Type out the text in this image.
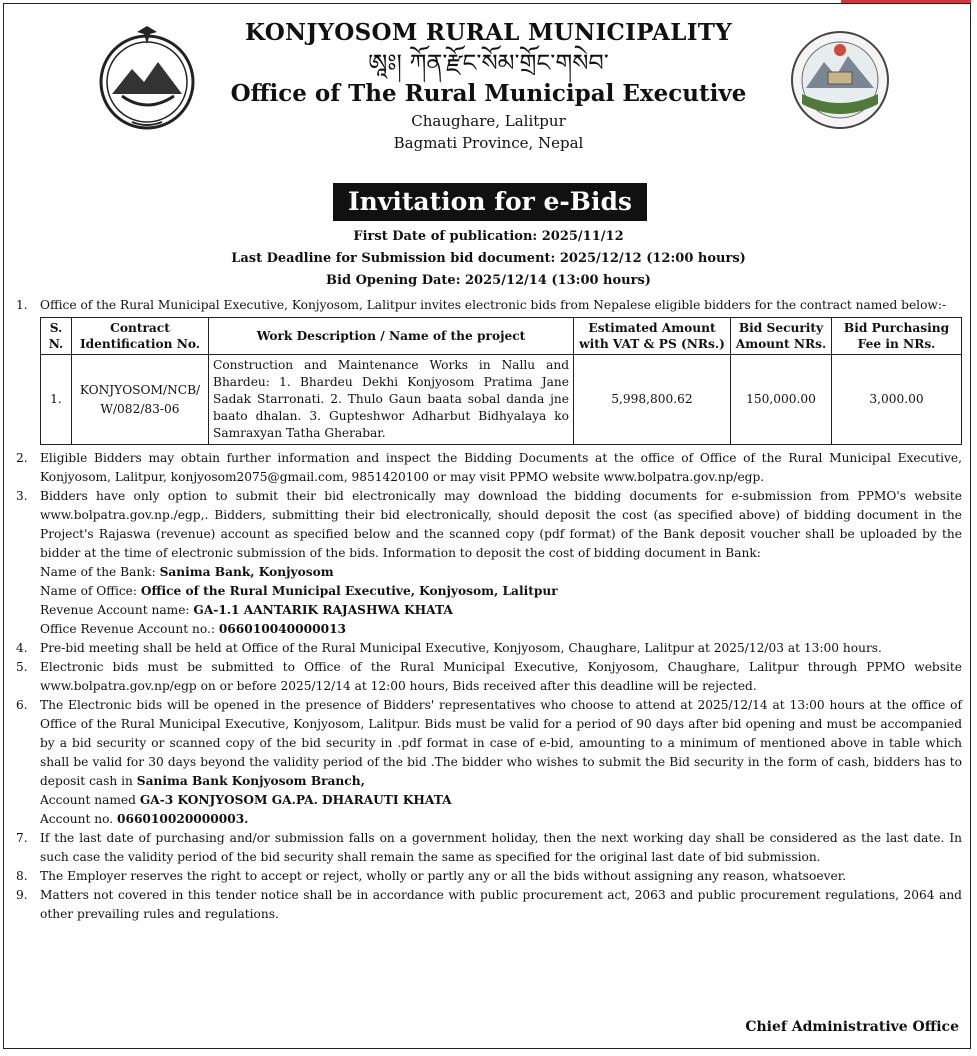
KONJYOSOM RURAL MUNICIPALITY

ཨཱཿ། ཀོན་རྫོང་སོམ་གྲོང་གསེབ་

Office of The Rural Municipal Executive

Chaughare, Lalitpur

Bagmati Province, Nepal

Invitation for e-Bids
First Date of publication: 2025/11/12
Last Deadline for Submission bid document: 2025/12/12 (12:00 hours)
Bid Opening Date: 2025/12/14 (13:00 hours)
1.	Office of the Rural Municipal Executive, Konjyosom, Lalitpur invites electronic bids from Nepalese eligible bidders for the contract named below:-
S. N.	Contract Identification No.	Work Description / Name of the project	Estimated Amount with VAT & PS (NRs.)	Bid Security Amount NRs.	Bid Purchasing Fee in NRs.
1.	KONJYOSOM/NCB/ W/082/83-06	Construction and Maintenance Works in Nallu and Bhardeu: 1. Bhardeu Dekhi Konjyosom Pratima Jane Sadak Starronati. 2. Thulo Gaun baata sobal danda jne baato dhalan. 3. Gupteshwor Adharbut Bidhyalaya ko Samraxyan Tatha Gherabar.	5,998,800.62	150,000.00	3,000.00
2.	Eligible Bidders may obtain further information and inspect the Bidding Documents at the office of Office of the Rural Municipal Executive, Konjyosom, Lalitpur, konjyosom2075@gmail.com, 9851420100 or may visit PPMO website www.bolpatra.gov.np/egp.
3.	Bidders have only option to submit their bid electronically may download the bidding documents for e-submission from PPMO's website www.bolpatra.gov.np./egp,. Bidders, submitting their bid electronically, should deposit the cost (as specified above) of bidding document in the Project's Rajaswa (revenue) account as specified below and the scanned copy (pdf format) of the Bank deposit voucher shall be uploaded by the bidder at the time of electronic submission of the bids. Information to deposit the cost of bidding document in Bank:
Name of the Bank: Sanima Bank, Konjyosom
Name of Office: Office of the Rural Municipal Executive, Konjyosom, Lalitpur
Revenue Account name: GA-1.1 AANTARIK RAJASHWA KHATA
Office Revenue Account no.: 066010040000013
4.	Pre-bid meeting shall be held at Office of the Rural Municipal Executive, Konjyosom, Chaughare, Lalitpur at 2025/12/03 at 13:00 hours.
5.	Electronic bids must be submitted to Office of the Rural Municipal Executive, Konjyosom, Chaughare, Lalitpur through PPMO website www.bolpatra.gov.np/egp on or before 2025/12/14 at 12:00 hours, Bids received after this deadline will be rejected.
6.	The Electronic bids will be opened in the presence of Bidders' representatives who choose to attend at 2025/12/14 at 13:00 hours at the office of Office of the Rural Municipal Executive, Konjyosom, Lalitpur. Bids must be valid for a period of 90 days after bid opening and must be accompanied by a bid security or scanned copy of the bid security in .pdf format in case of e-bid, amounting to a minimum of mentioned above in table which shall be valid for 30 days beyond the validity period of the bid .The bidder who wishes to submit the Bid security in the form of cash, bidders has to deposit cash in Sanima Bank Konjyosom Branch,
Account named GA-3 KONJYOSOM GA.PA. DHARAUTI KHATA
Account no. 066010020000003.
7.	If the last date of purchasing and/or submission falls on a government holiday, then the next working day shall be considered as the last date. In such case the validity period of the bid security shall remain the same as specified for the original last date of bid submission.
8.	The Employer reserves the right to accept or reject, wholly or partly any or all the bids without assigning any reason, whatsoever.
9.	Matters not covered in this tender notice shall be in accordance with public procurement act, 2063 and public procurement regulations, 2064 and other prevailing rules and regulations.
Chief Administrative Office
